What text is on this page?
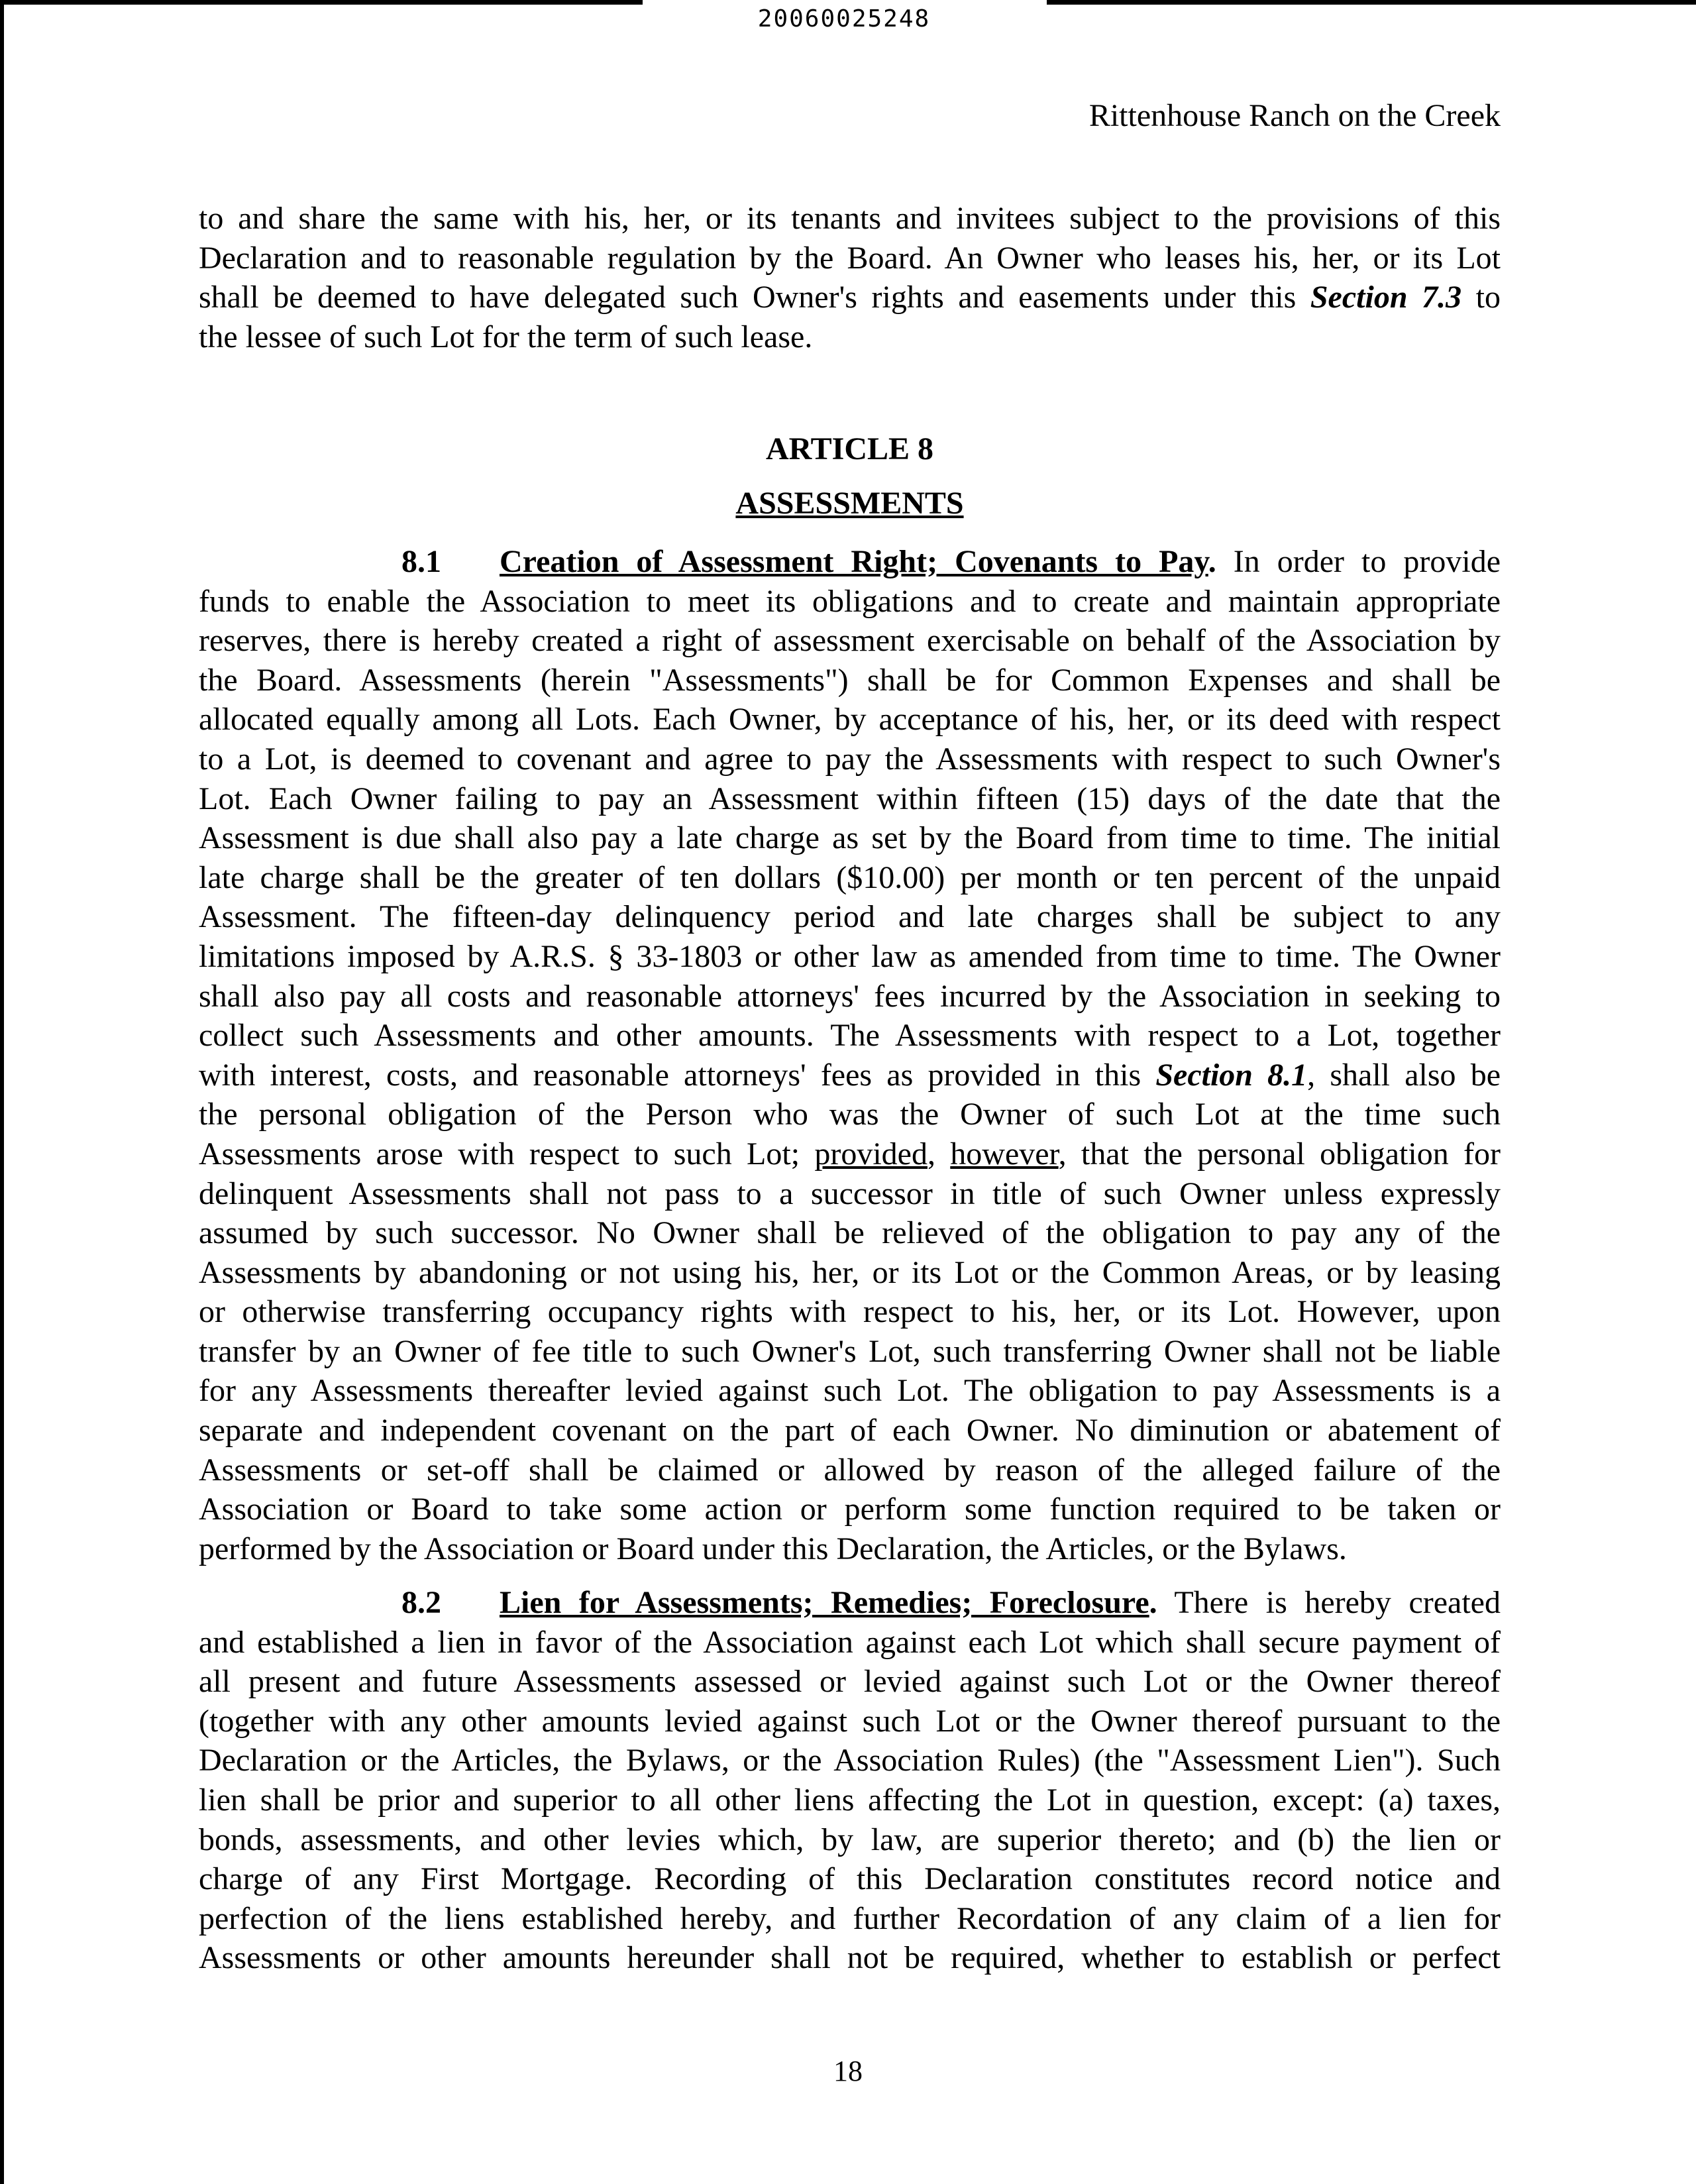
20060025248
Rittenhouse Ranch on the Creek
to and share the same with his, her, or its tenants and invitees subject to the provisions of this
Declaration and to reasonable regulation by the Board. An Owner who leases his, her, or its Lot
shall be deemed to have delegated such Owner's rights and easements under this Section 7.3 to
the lessee of such Lot for the term of such lease.
ARTICLE 8
ASSESSMENTS
8.1 Creation of Assessment Right; Covenants to Pay. In order to provide
funds to enable the Association to meet its obligations and to create and maintain appropriate
reserves, there is hereby created a right of assessment exercisable on behalf of the Association by
the Board. Assessments (herein "Assessments") shall be for Common Expenses and shall be
allocated equally among all Lots. Each Owner, by acceptance of his, her, or its deed with respect
to a Lot, is deemed to covenant and agree to pay the Assessments with respect to such Owner's
Lot. Each Owner failing to pay an Assessment within fifteen (15) days of the date that the
Assessment is due shall also pay a late charge as set by the Board from time to time. The initial
late charge shall be the greater of ten dollars ($10.00) per month or ten percent of the unpaid
Assessment. The fifteen-day delinquency period and late charges shall be subject to any
limitations imposed by A.R.S. § 33-1803 or other law as amended from time to time. The Owner
shall also pay all costs and reasonable attorneys' fees incurred by the Association in seeking to
collect such Assessments and other amounts. The Assessments with respect to a Lot, together
with interest, costs, and reasonable attorneys' fees as provided in this Section 8.1, shall also be
the personal obligation of the Person who was the Owner of such Lot at the time such
Assessments arose with respect to such Lot; provided, however, that the personal obligation for
delinquent Assessments shall not pass to a successor in title of such Owner unless expressly
assumed by such successor. No Owner shall be relieved of the obligation to pay any of the
Assessments by abandoning or not using his, her, or its Lot or the Common Areas, or by leasing
or otherwise transferring occupancy rights with respect to his, her, or its Lot. However, upon
transfer by an Owner of fee title to such Owner's Lot, such transferring Owner shall not be liable
for any Assessments thereafter levied against such Lot. The obligation to pay Assessments is a
separate and independent covenant on the part of each Owner. No diminution or abatement of
Assessments or set-off shall be claimed or allowed by reason of the alleged failure of the
Association or Board to take some action or perform some function required to be taken or
performed by the Association or Board under this Declaration, the Articles, or the Bylaws.
8.2 Lien for Assessments; Remedies; Foreclosure. There is hereby created
and established a lien in favor of the Association against each Lot which shall secure payment of
all present and future Assessments assessed or levied against such Lot or the Owner thereof
(together with any other amounts levied against such Lot or the Owner thereof pursuant to the
Declaration or the Articles, the Bylaws, or the Association Rules) (the "Assessment Lien"). Such
lien shall be prior and superior to all other liens affecting the Lot in question, except: (a) taxes,
bonds, assessments, and other levies which, by law, are superior thereto; and (b) the lien or
charge of any First Mortgage. Recording of this Declaration constitutes record notice and
perfection of the liens established hereby, and further Recordation of any claim of a lien for
Assessments or other amounts hereunder shall not be required, whether to establish or perfect
18
